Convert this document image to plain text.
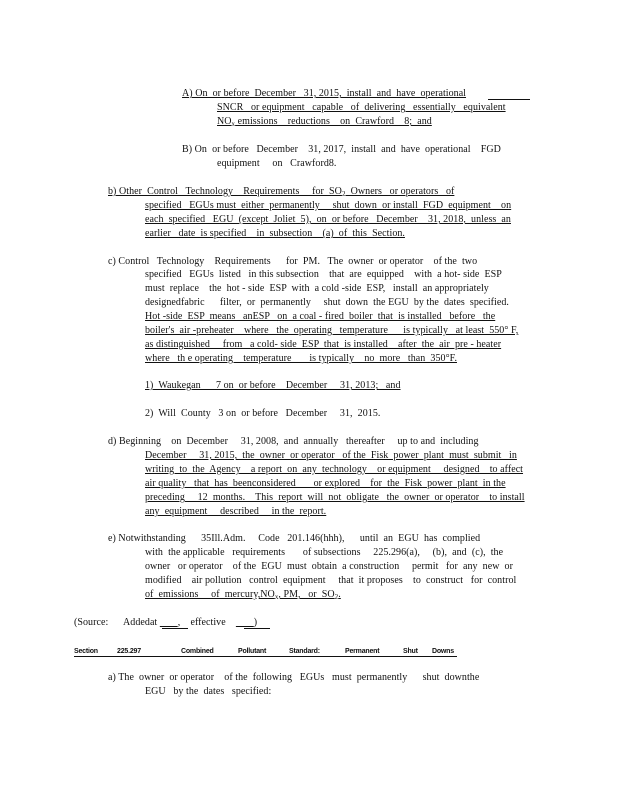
A) On  or before  December   31, 2015,  install  and  have  operational
SNCR   or equipment   capable   of  delivering   essentially   equivalent
$NO_x$ emissions    reductions    on  Crawford    8;  and
B) On  or before   December    31, 2017,  install  and  have  operational    FGD
equipment     on   Crawford8.
b) Other  Control   Technology    Requirements     for  $SO_2$  Owners   or operators   of
specified   EGUs must  either  permanently     shut  down  or install  FGD  equipment    on
each  specified   EGU  (except  Joliet  5),  on  or before   December    31, 2018,  unless  an
earlier   date  is specified    in  subsection    (a)  of  this  Section.
c) Control   Technology    Requirements      for  PM.   The  owner  or operator    of the  two
specified   EGUs  listed   in this subsection    that  are  equipped    with  a hot- side  ESP
must  replace    the  hot - side  ESP  with  a cold -side  ESP,   install  an appropriately
designedfabric      filter,  or  permanently     shut  down  the EGU  by the  dates  specified.
Hot -side  ESP  means   anESP   on  a coal - fired  boiler  that  is installed   before   the
boiler's  air -preheater    where   the  operating   temperature      is typically   at least  550° F,
as distinguished     from   a cold- side  ESP  that  is installed    after  the  air  pre - heater
where   th e operating    temperature       is typically    no  more   than  350°F.
1)  Waukegan      7 on  or before    December     31, 2013;   and
2)  Will  County   3 on  or before   December     31,  2015.
d) Beginning    on  December     31, 2008,  and  annually   thereafter     up to and  including
December     31, 2015,  the  owner  or operator   of the  Fisk  power  plant  must  submit   in
writing  to  the  Agency    a report  on  any  technology    or equipment     designed    to affect
air quality   that  has  beenconsidered       or explored    for  the  Fisk  power  plant  in the
preceding     12  months.    This  report  will  not  obligate   the  owner  or operator    to install
any  equipment     described     in the  report.
e) Notwithstanding      35Ill.Adm.     Code   201.146(hhh),      until  an  EGU  has  complied
with  the applicable   requirements       of subsections     225.296(a),     (b),  and  (c),  the
owner   or operator    of the  EGU  must  obtain  a construction     permit   for  any  new  or
modified    air pollution   control  equipment     that  it proposes    to  construct   for  control
of  emissions     of  $mercury,NO_x$, PM,   or  $SO_2$.
(Source: Addedat ,    effective	)
Section	225.297	Combined	Pollutant	Standard:	Permanent	Shut Downs
a) The  owner  or operator    of the  following   EGUs   must  permanently      shut  downthe
EGU   by the  dates   specified:
